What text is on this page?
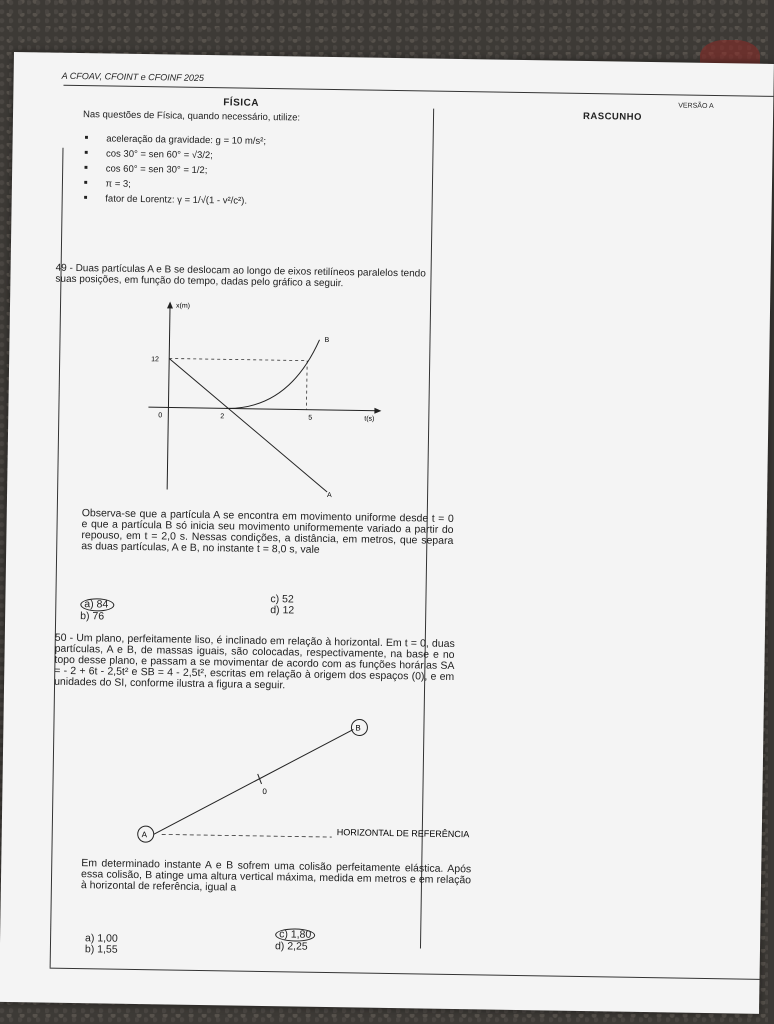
A CFOAV, CFOINT e CFOINF 2025
FÍSICA	VERSÃO A
RASCUNHO
Nas questões de Física, quando necessário, utilize:
■ aceleração da gravidade: g = 10 m/s²;
■ cos 30° = sen 60° = √3/2;
■ cos 60° = sen 30° = 1/2;
■ π = 3;
■ fator de Lorentz: γ = 1/√(1 - v²/c²).
49 - Duas partículas A e B se deslocam ao longo de eixos retilíneos paralelos tendo suas posições, em função do tempo, dadas pelo gráfico a seguir.
x(m)
t(s)
12
0	2	5
A
B
Observa-se que a partícula A se encontra em movimento uniforme desde t = 0 e que a partícula B só inicia seu movimento uniformemente variado a partir do repouso, em t = 2,0 s. Nessas condições, a distância, em metros, que separa as duas partículas, A e B, no instante t = 8,0 s, vale
a) 84
b) 76
c) 52
d) 12
50 - Um plano, perfeitamente liso, é inclinado em relação à horizontal. Em t = 0, duas partículas, A e B, de massas iguais, são colocadas, respectivamente, na base e no topo desse plano, e passam a se movimentar de acordo com as funções horárias SA = - 2 + 6t - 2,5t² e SB = 4 - 2,5t², escritas em relação à origem dos espaços (0), e em unidades do SI, conforme ilustra a figura a seguir.
0
A
B
HORIZONTAL DE REFERÊNCIA
Em determinado instante A e B sofrem uma colisão perfeitamente elástica. Após essa colisão, B atinge uma altura vertical máxima, medida em metros e em relação à horizontal de referência, igual a
a) 1,00
b) 1,55
c) 1,80
d) 2,25
